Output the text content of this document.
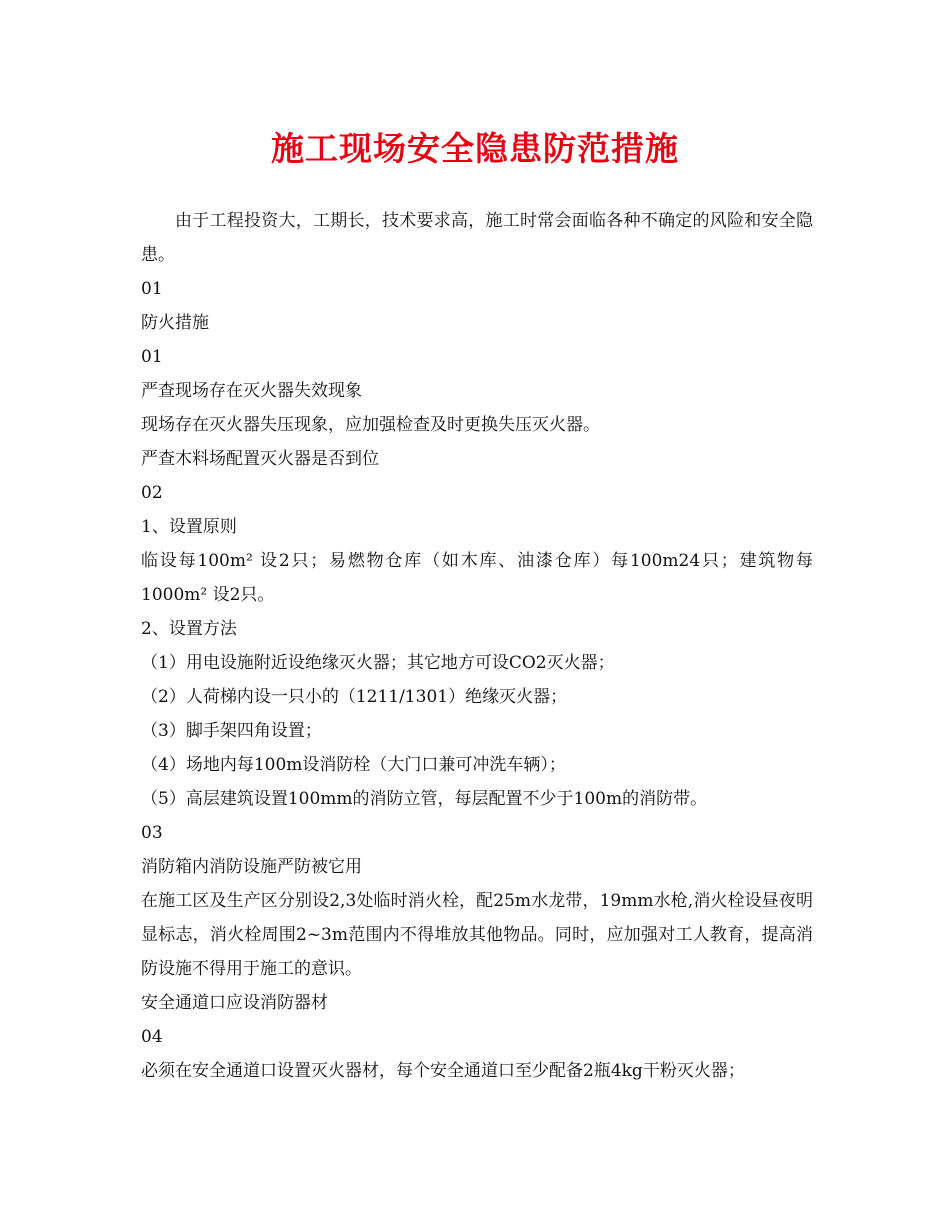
施工现场安全隐患防范措施

由于工程投资大，工期长，技术要求高，施工时常会面临各种不确定的风险和安全隐患。

01

防火措施

01

严查现场存在灭火器失效现象

现场存在灭火器失压现象，应加强检查及时更换失压灭火器。

严查木料场配置灭火器是否到位

02

1、设置原则

临设每100m² 设2只；易燃物仓库（如木库、油漆仓库）每100m24只；建筑物每1000m² 设2只。

2、设置方法

（1）用电设施附近设绝缘灭火器；其它地方可设CO2灭火器；

（2）人荷梯内设一只小的（1211/1301）绝缘灭火器；

（3）脚手架四角设置；

（4）场地内每100m设消防栓（大门口兼可冲洗车辆）；

（5）高层建筑设置100mm的消防立管，每层配置不少于100m的消防带。

03

消防箱内消防设施严防被它用

在施工区及生产区分别设2,3处临时消火栓，配25m水龙带，19mm水枪,消火栓设昼夜明显标志，消火栓周围2~3m范围内不得堆放其他物品。同时，应加强对工人教育，提高消防设施不得用于施工的意识。

安全通道口应设消防器材

04

必须在安全通道口设置灭火器材，每个安全通道口至少配备2瓶4kg干粉灭火器；
